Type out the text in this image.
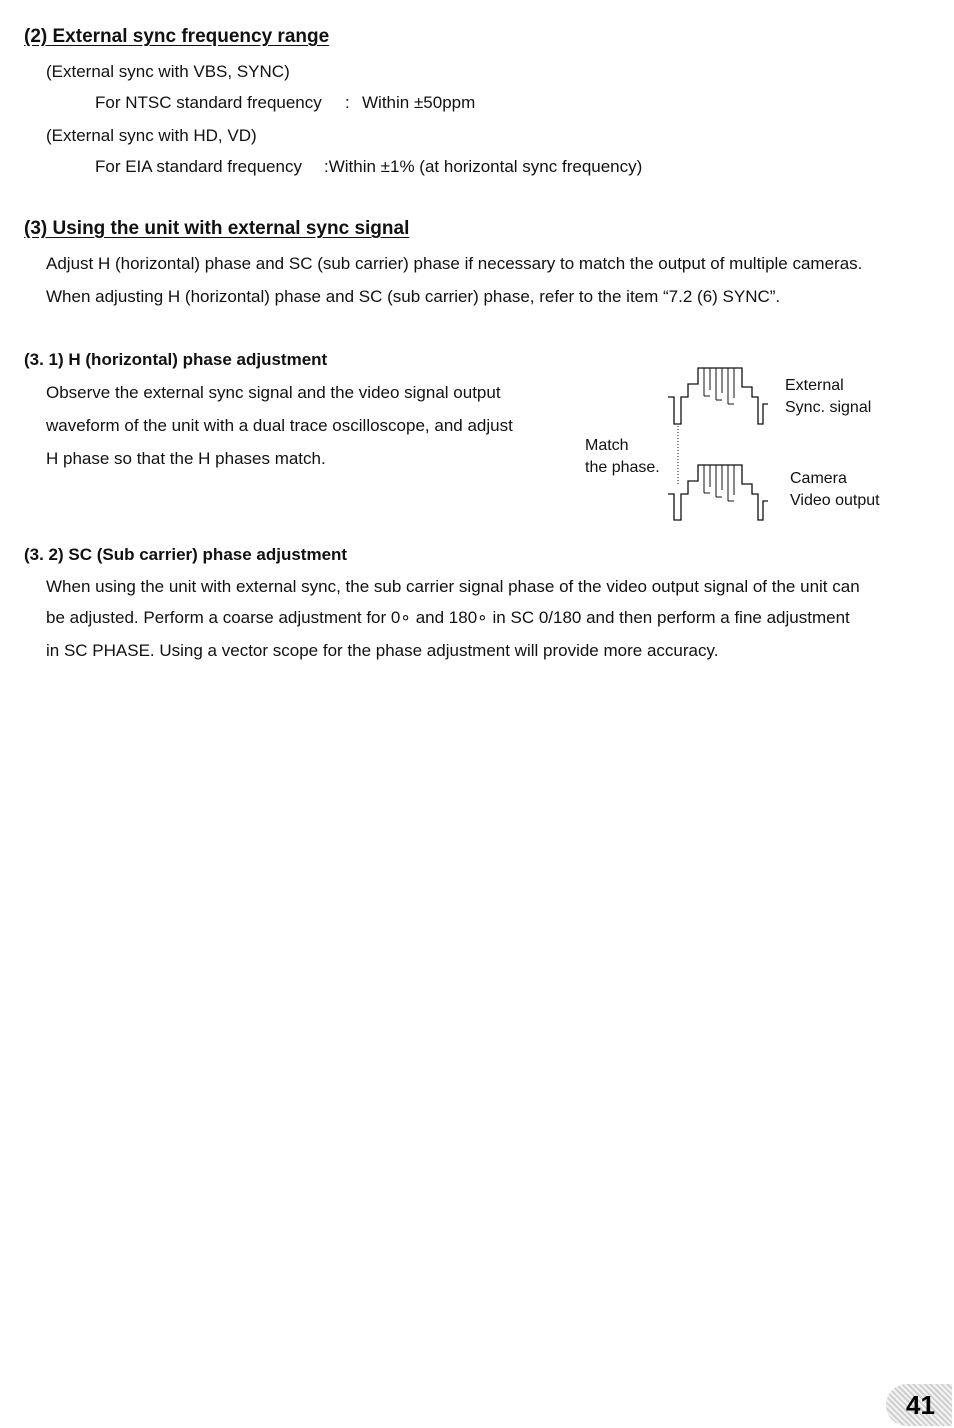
(2) External sync frequency range
(External sync with VBS, SYNC)
For NTSC standard frequency : Within ±50ppm
(External sync with HD, VD)
For EIA standard frequency :Within ±1% (at horizontal sync frequency)
(3) Using the unit with external sync signal
Adjust H (horizontal) phase and SC (sub carrier) phase if necessary to match the output of multiple cameras.
When adjusting H (horizontal) phase and SC (sub carrier) phase, refer to the item “7.2 (6) SYNC”.
(3. 1) H (horizontal) phase adjustment
Observe the external sync signal and the video signal output
waveform of the unit with a dual trace oscilloscope, and adjust
H phase so that the H phases match.
Match
the phase.
External
Sync. signal
Camera
Video output
(3. 2) SC (Sub carrier) phase adjustment
When using the unit with external sync, the sub carrier signal phase of the video output signal of the unit can
be adjusted. Perform a coarse adjustment for 0∘ and 180∘ in SC 0/180 and then perform a fine adjustment
in SC PHASE. Using a vector scope for the phase adjustment will provide more accuracy.
41
